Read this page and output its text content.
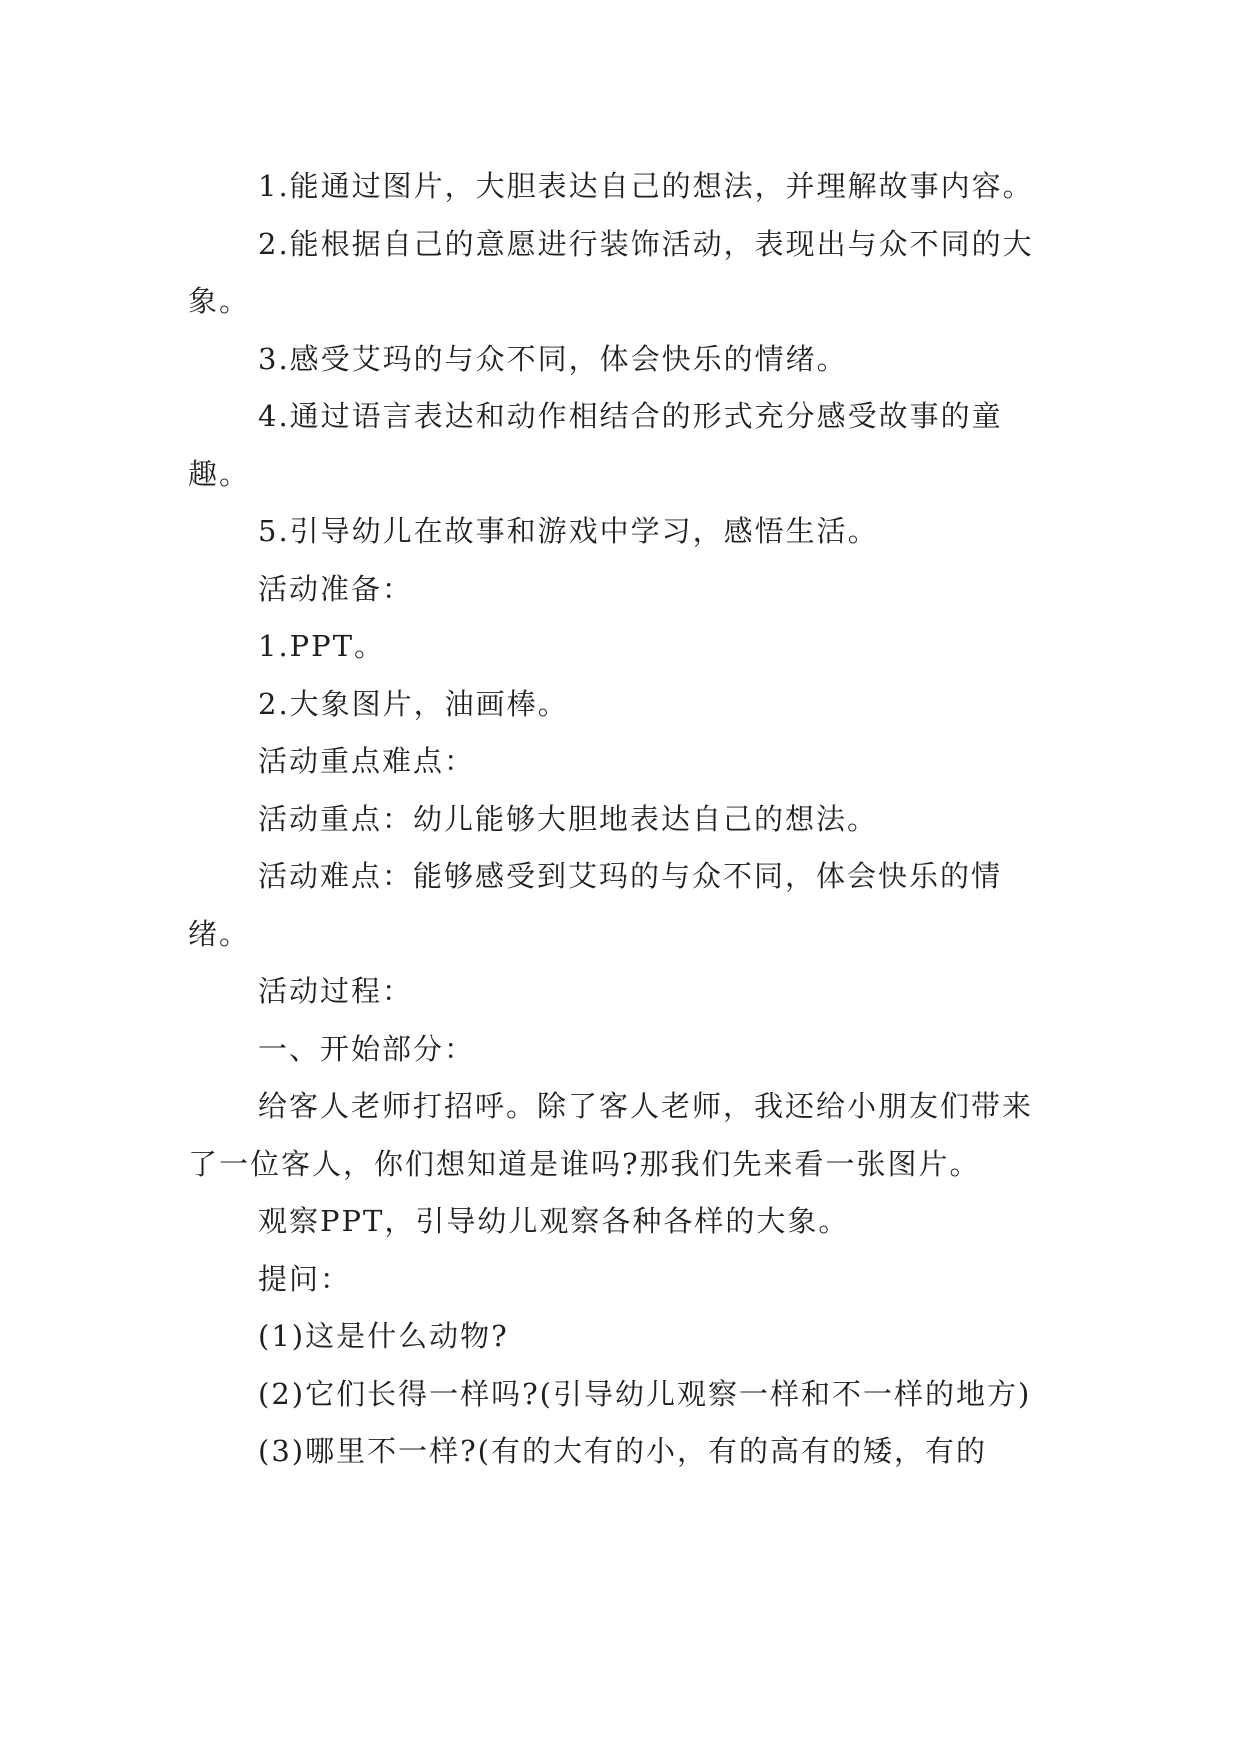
1.能通过图片，大胆表达自己的想法，并理解故事内容。

2.能根据自己的意愿进行装饰活动，表现出与众不同的大象。

3.感受艾玛的与众不同，体会快乐的情绪。

4.通过语言表达和动作相结合的形式充分感受故事的童趣。

5.引导幼儿在故事和游戏中学习，感悟生活。

活动准备：

1.PPT。

2.大象图片，油画棒。

活动重点难点：

活动重点：幼儿能够大胆地表达自己的想法。

活动难点：能够感受到艾玛的与众不同，体会快乐的情绪。

活动过程：

一、开始部分：

给客人老师打招呼。除了客人老师，我还给小朋友们带来了一位客人，你们想知道是谁吗?那我们先来看一张图片。

观察PPT，引导幼儿观察各种各样的大象。

提问：

(1)这是什么动物?

(2)它们长得一样吗?(引导幼儿观察一样和不一样的地方)

(3)哪里不一样?(有的大有的小，有的高有的矮，有的
